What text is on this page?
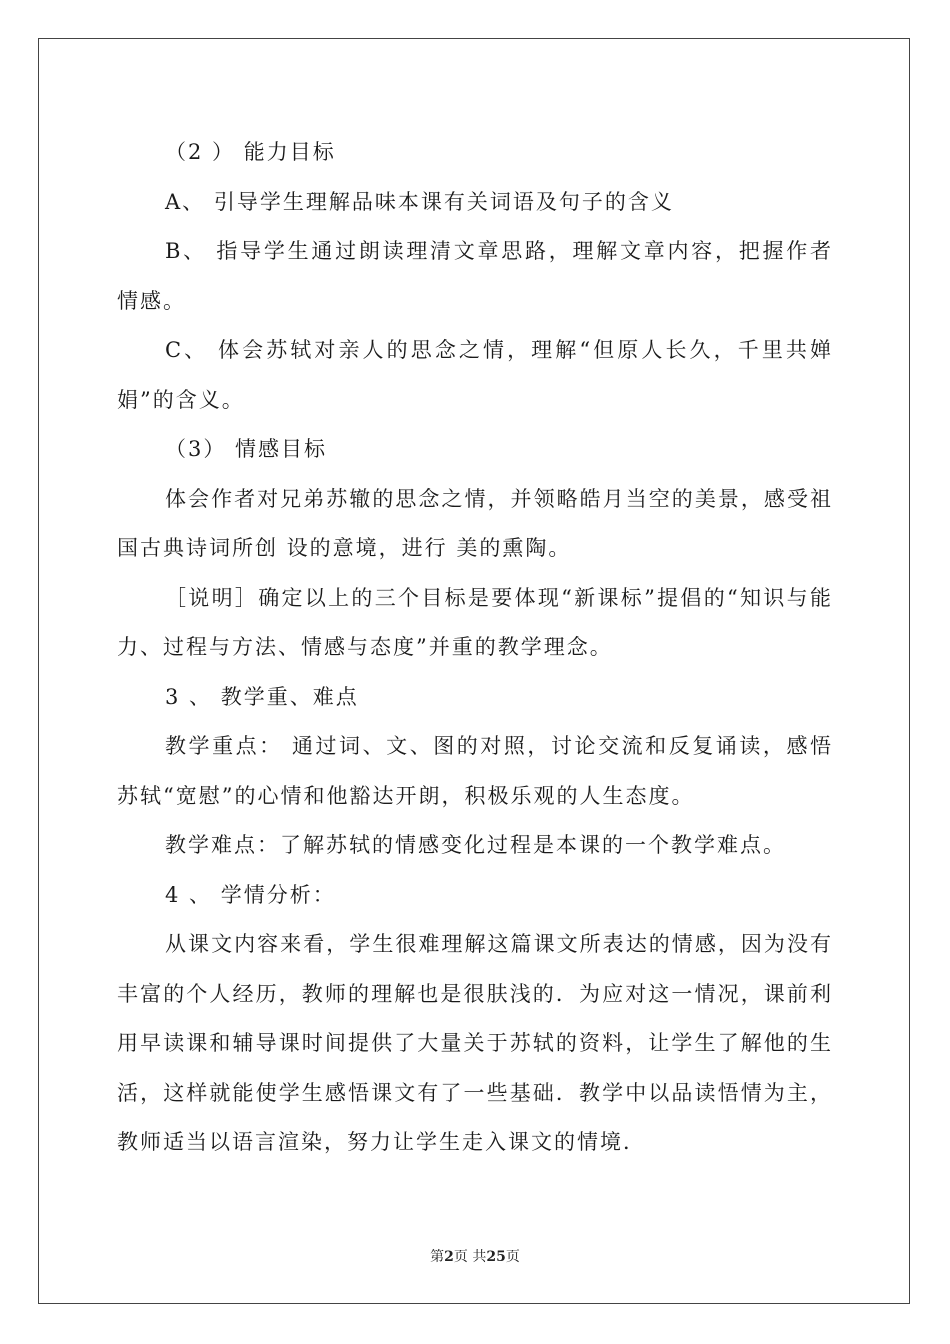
（2 ） 能力目标

A、 引导学生理解品味本课有关词语及句子的含义

B、 指导学生通过朗读理清文章思路，理解文章内容，把握作者情感。

C、 体会苏轼对亲人的思念之情，理解“但原人长久，千里共婵娟”的含义。

（3） 情感目标

体会作者对兄弟苏辙的思念之情，并领略皓月当空的美景，感受祖国古典诗词所创 设的意境，进行 美的熏陶。

［说明］确定以上的三个目标是要体现“新课标”提倡的“知识与能力、过程与方法、情感与态度”并重的教学理念。

3 、 教学重、难点

教学重点： 通过词、文、图的对照，讨论交流和反复诵读，感悟苏轼“宽慰”的心情和他豁达开朗，积极乐观的人生态度。

教学难点：了解苏轼的情感变化过程是本课的一个教学难点。

4 、 学情分析：

从课文内容来看，学生很难理解这篇课文所表达的情感，因为没有丰富的个人经历，教师的理解也是很肤浅的．为应对这一情况，课前利用早读课和辅导课时间提供了大量关于苏轼的资料，让学生了解他的生活，这样就能使学生感悟课文有了一些基础．教学中以品读悟情为主，教师适当以语言渲染，努力让学生走入课文的情境．

第2页 共25页
